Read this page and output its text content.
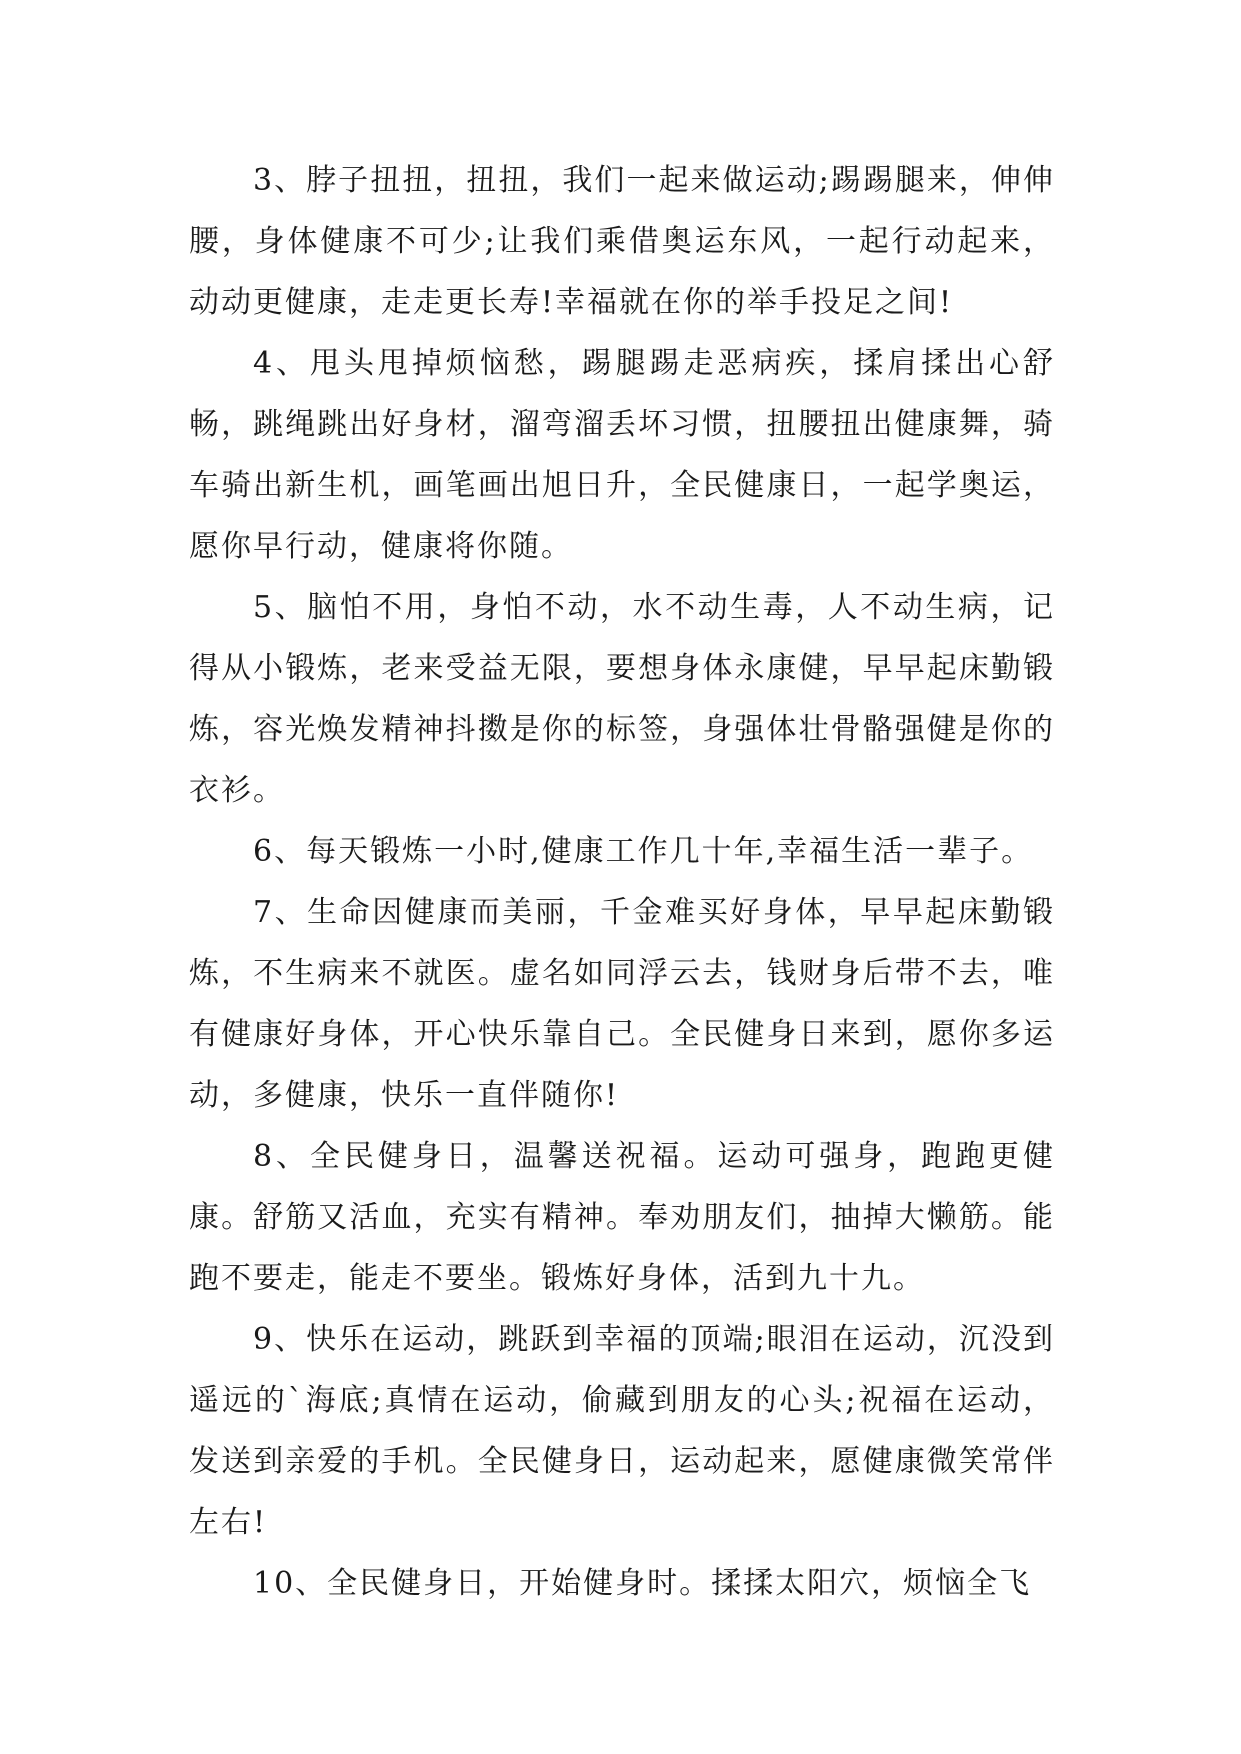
3、脖子扭扭，扭扭，我们一起来做运动;踢踢腿来，伸伸腰，身体健康不可少;让我们乘借奥运东风，一起行动起来，动动更健康，走走更长寿!幸福就在你的举手投足之间!

4、甩头甩掉烦恼愁，踢腿踢走恶病疾，揉肩揉出心舒畅，跳绳跳出好身材，溜弯溜丢坏习惯，扭腰扭出健康舞，骑车骑出新生机，画笔画出旭日升，全民健康日，一起学奥运，愿你早行动，健康将你随。

5、脑怕不用，身怕不动，水不动生毒，人不动生病，记得从小锻炼，老来受益无限，要想身体永康健，早早起床勤锻炼，容光焕发精神抖擞是你的标签，身强体壮骨骼强健是你的衣衫。

6、每天锻炼一小时,健康工作几十年,幸福生活一辈子。

7、生命因健康而美丽，千金难买好身体，早早起床勤锻炼，不生病来不就医。虚名如同浮云去，钱财身后带不去，唯有健康好身体，开心快乐靠自己。全民健身日来到，愿你多运动，多健康，快乐一直伴随你!

8、全民健身日，温馨送祝福。运动可强身，跑跑更健康。舒筋又活血，充实有精神。奉劝朋友们，抽掉大懒筋。能跑不要走，能走不要坐。锻炼好身体，活到九十九。

9、快乐在运动，跳跃到幸福的顶端;眼泪在运动，沉没到遥远的`海底;真情在运动，偷藏到朋友的心头;祝福在运动，发送到亲爱的手机。全民健身日，运动起来，愿健康微笑常伴左右!

10、全民健身日，开始健身时。揉揉太阳穴，烦恼全飞
